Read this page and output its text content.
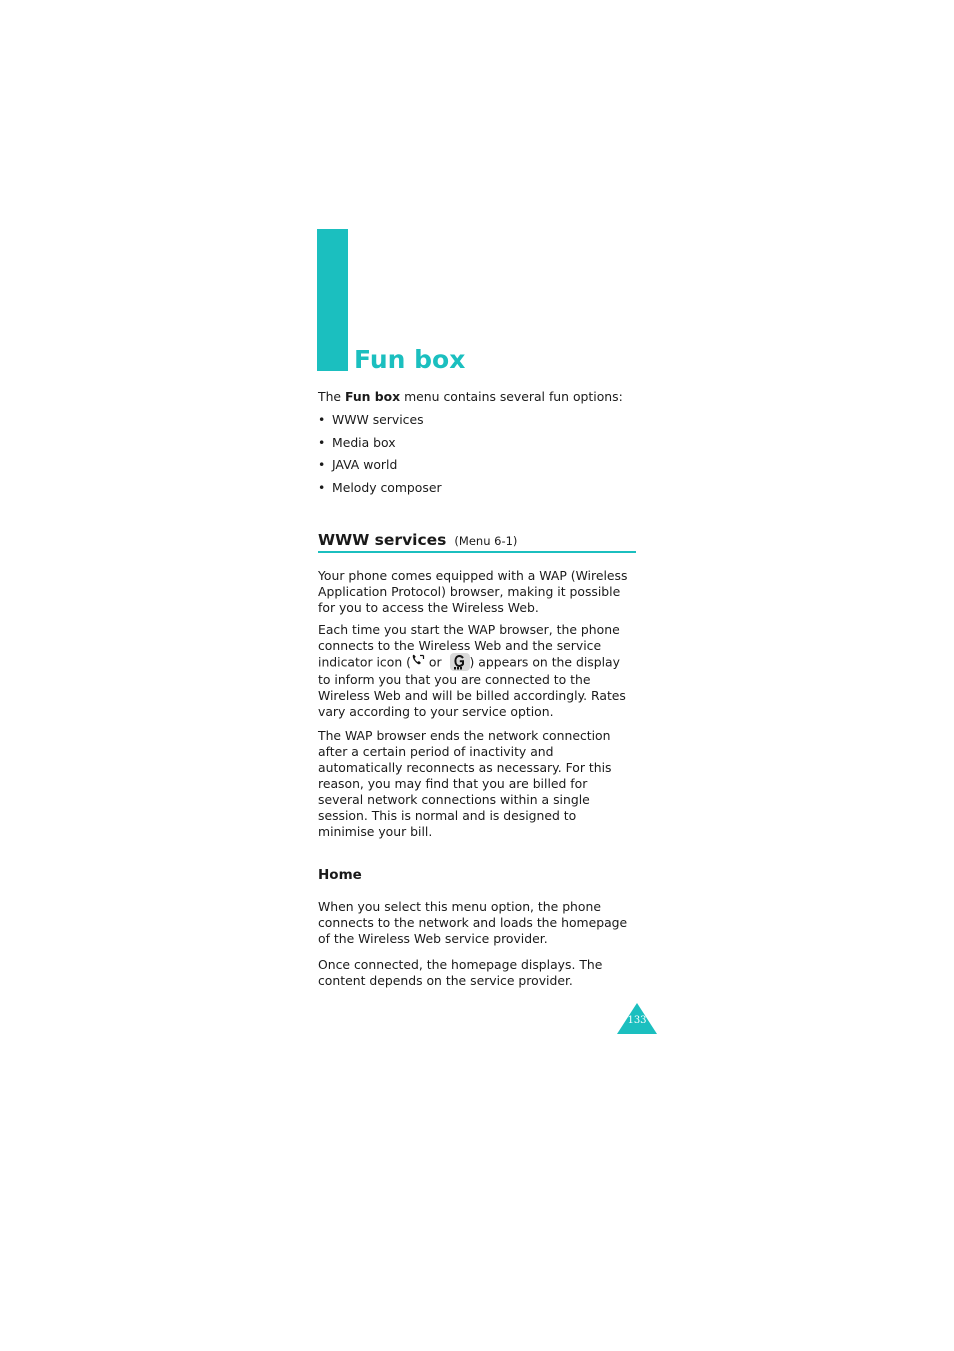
Fun box

The Fun box menu contains several fun options:

• WWW services
• Media box
• JAVA world
• Melody composer
WWW services (Menu 6-1)

Your phone comes equipped with a WAP (Wireless Application Protocol) browser, making it possible for you to access the Wireless Web.

Each time you start the WAP browser, the phone connects to the Wireless Web and the service indicator icon ( or ) appears on the display to inform you that you are connected to the Wireless Web and will be billed accordingly. Rates vary according to your service option.

The WAP browser ends the network connection after a certain period of inactivity and automatically reconnects as necessary. For this reason, you may find that you are billed for several network connections within a single session. This is normal and is designed to minimise your bill.

Home

When you select this menu option, the phone connects to the network and loads the homepage of the Wireless Web service provider.

Once connected, the homepage displays. The content depends on the service provider.

133
